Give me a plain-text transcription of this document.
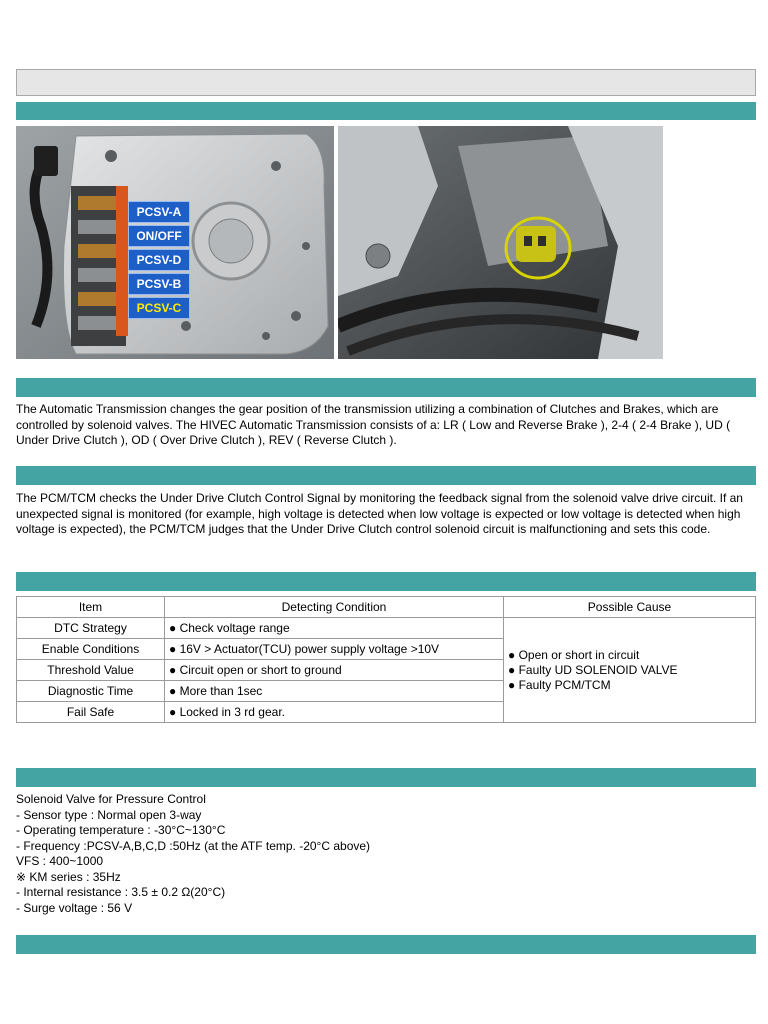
PCSV-A
ON/OFF
PCSV-D
PCSV-B
PCSV-C
The Automatic Transmission changes the gear position of the transmission utilizing a combination of Clutches and Brakes, which are controlled by solenoid valves. The HIVEC Automatic Transmission consists of a: LR ( Low and Reverse Brake ), 2-4 ( 2-4 Brake ), UD ( Under Drive Clutch ), OD ( Over Drive Clutch ), REV ( Reverse Clutch ).
The PCM/TCM checks the Under Drive Clutch Control Signal by monitoring the feedback signal from the solenoid valve drive circuit. If an unexpected signal is monitored (for example, high voltage is detected when low voltage is expected or low voltage is detected when high voltage is expected), the PCM/TCM judges that the Under Drive Clutch control solenoid circuit is malfunctioning and sets this code.
Item	Detecting Condition	Possible Cause
DTC Strategy	● Check voltage range	● Open or short in circuit
● Faulty UD SOLENOID VALVE
● Faulty PCM/TCM

Enable Conditions	● 16V > Actuator(TCU) power supply voltage >10V	
Threshold Value	● Circuit open or short to ground	
Diagnostic Time	● More than 1sec	
Fail Safe	● Locked in 3 rd gear.	
Solenoid Valve for Pressure Control
- Sensor type : Normal open 3-way
- Operating temperature : -30°C~130°C
- Frequency :PCSV-A,B,C,D :50Hz (at the ATF temp. -20°C above)
VFS : 400~1000
※ KM series : 35Hz
- Internal resistance : 3.5 ± 0.2 Ω(20°C)
- Surge voltage : 56 V
